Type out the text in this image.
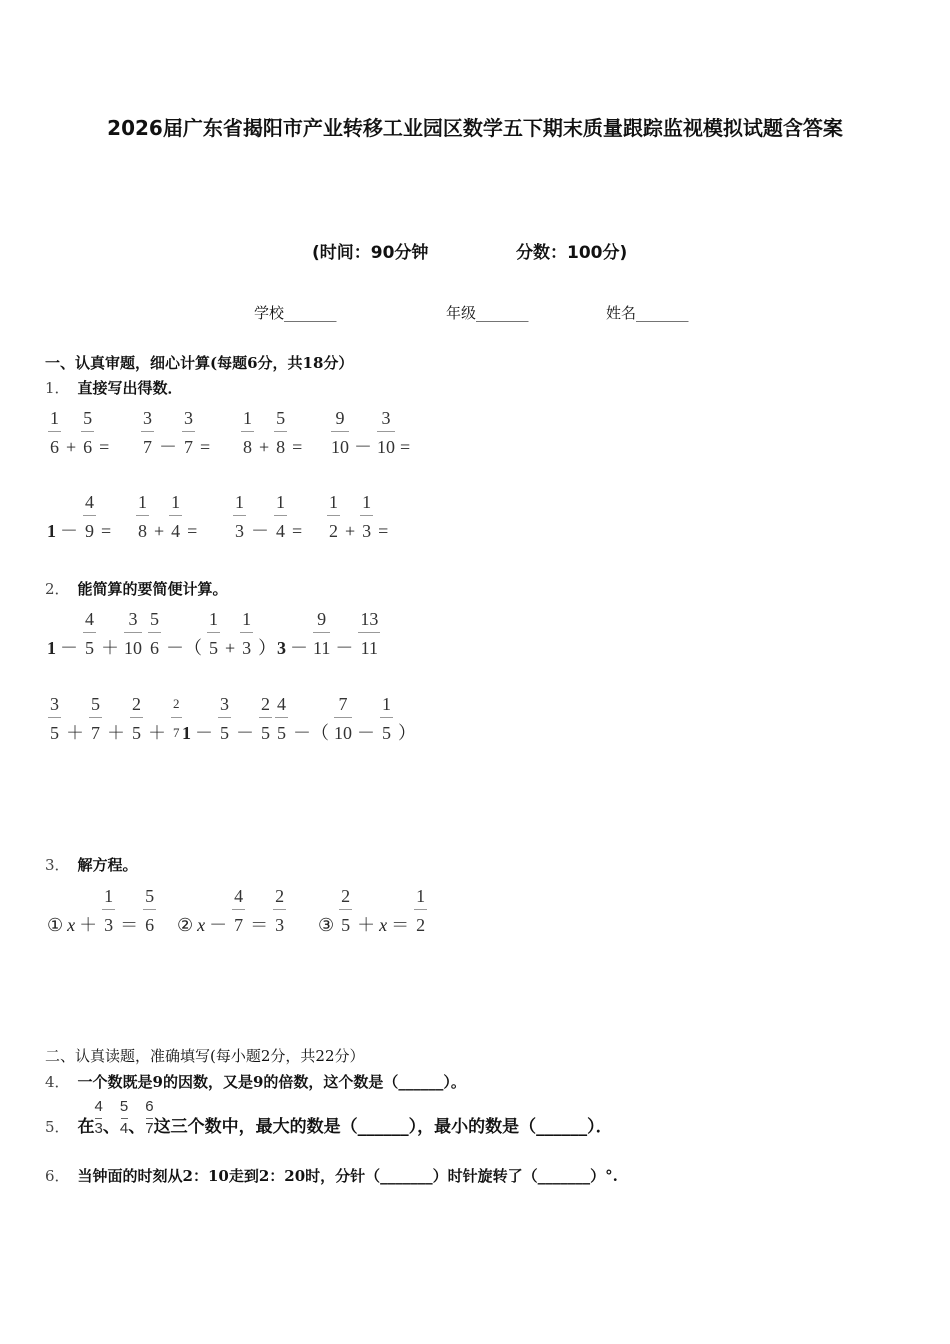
2026届广东省揭阳市产业转移工业园区数学五下期末质量跟踪监视模拟试题含答案
(时间：90分钟	分数：100分)
学校_______	年级_______	姓名_______
一、认真审题，细心计算(每题6分，共18分）
1． 直接写出得数．
$\frac{1}{6} + \frac{5}{6} = \frac{3}{7} - \frac{3}{7} = \frac{1}{8} + \frac{5}{8} = \frac{9}{10} - \frac{3}{10}$ =
$1 - \frac{4}{9} = \frac{1}{8} + \frac{1}{4} = \frac{1}{3} - \frac{1}{4} = \frac{1}{2} + \frac{1}{3}$ =
2． 能简算的要简便计算。
$1 - \frac{4}{5} + \frac{3}{10} \frac{5}{6}$ －（ $\frac{1}{5} + \frac{1}{3}$ ） $3 - \frac{9}{11} - \frac{13}{11}$
$\frac{3}{5} + \frac{5}{7} + \frac{2}{5} + \frac{2}{7} 1 - \frac{3}{5} - \frac{2}{5} \frac{4}{5}$ －（ $\frac{7}{10} - \frac{1}{5}$ ）
3． 解方程。
① $x + \frac{1}{3} = \frac{5}{6}$ ② $x - \frac{4}{7} = \frac{2}{3}$ ③ $\frac{2}{5} + x = \frac{1}{2}$
二、认真读题，准确填写(每小题2分，共22分）
4． 一个数既是9的因数，又是9的倍数，这个数是（______）。
5． 在
4
3 、
5
4 、
6
7 这三个数中，最大的数是（______），最小的数是（______）．
6． 当钟面的时刻从2：10走到2：20时，分针（_______）时针旋转了（_______）°.
